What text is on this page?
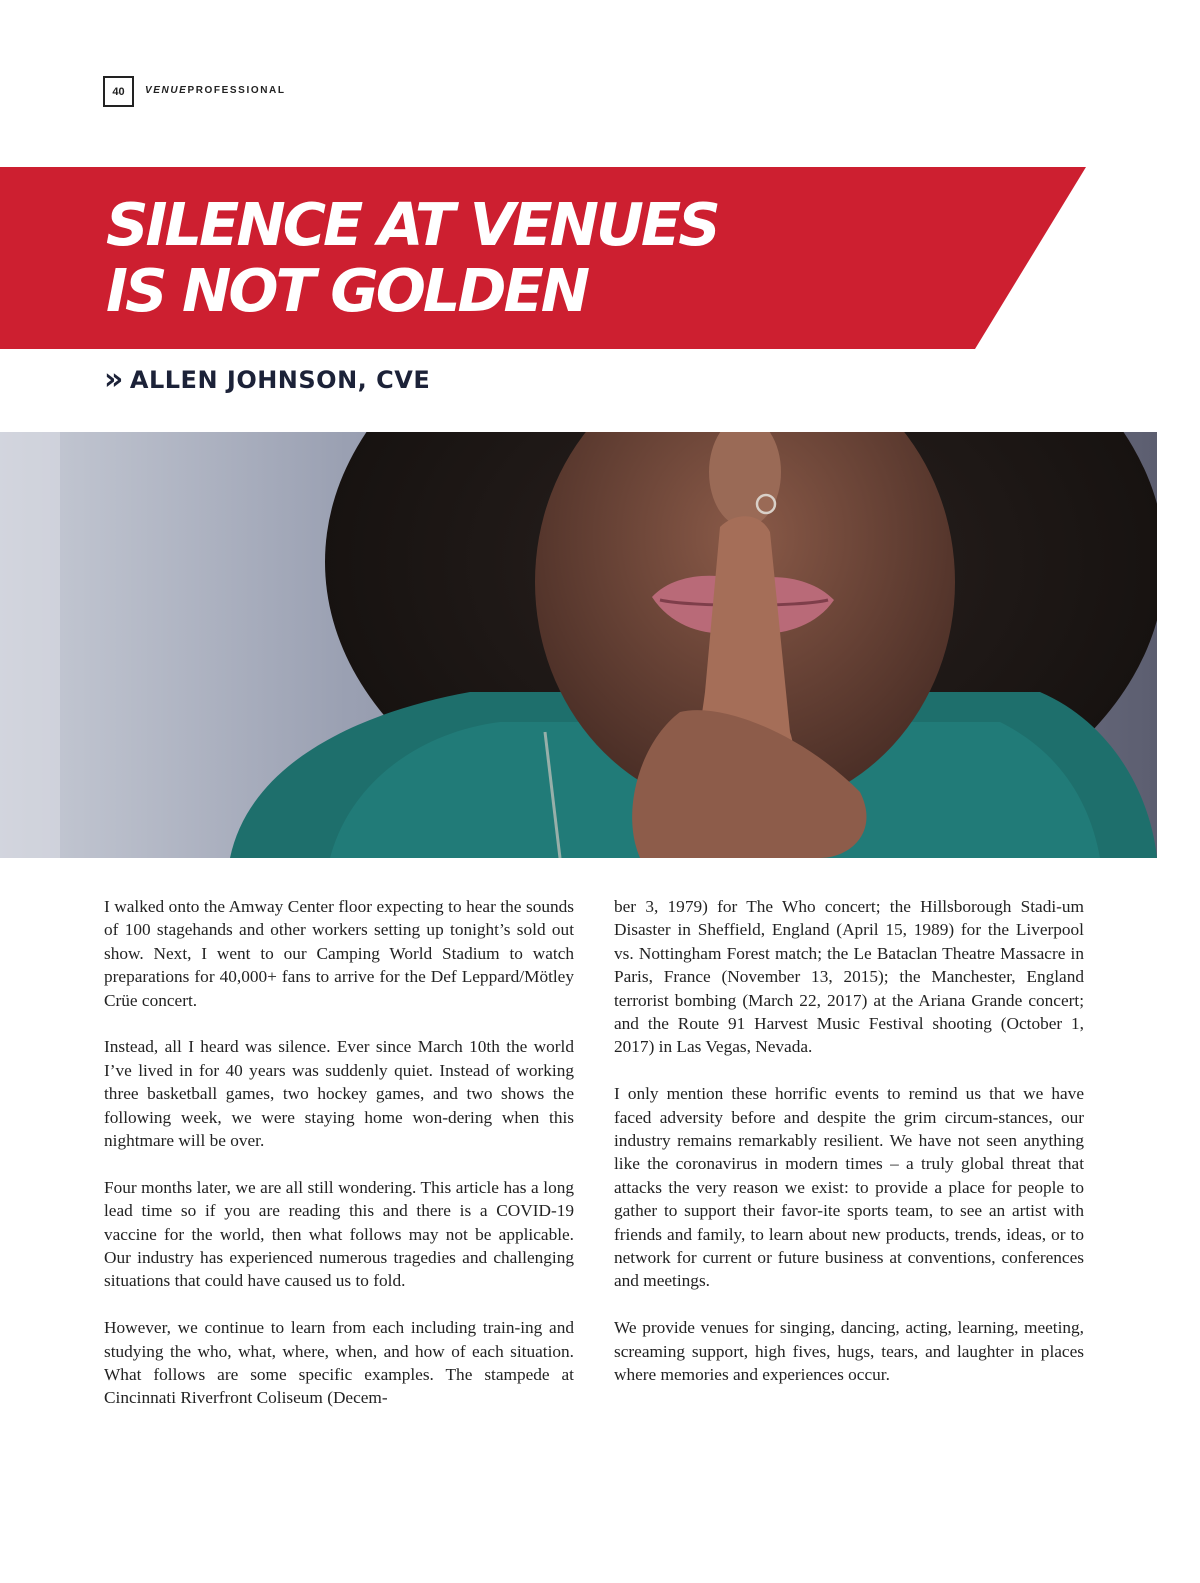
40	VENUEPROFESSIONAL
SILENCE AT VENUES
IS NOT GOLDEN
» ALLEN JOHNSON, CVE

I walked onto the Amway Center floor expecting to hear the sounds of 100 stagehands and other workers setting up tonight’s sold out show. Next, I went to our Camping World Stadium to watch preparations for 40,000+ fans to arrive for the Def Leppard/Mötley Crüe concert.

Instead, all I heard was silence. Ever since March 10th the world I’ve lived in for 40 years was suddenly quiet. Instead of working three basketball games, two hockey games, and two shows the following week, we were staying home won-dering when this nightmare will be over.

Four months later, we are all still wondering. This article has a long lead time so if you are reading this and there is a COVID-19 vaccine for the world, then what follows may not be applicable. Our industry has experienced numerous tragedies and challenging situations that could have caused us to fold.

However, we continue to learn from each including train-ing and studying the who, what, where, when, and how of each situation. What follows are some specific examples. The stampede at Cincinnati Riverfront Coliseum (Decem-

ber 3, 1979) for The Who concert; the Hillsborough Stadi-um Disaster in Sheffield, England (April 15, 1989) for the Liverpool vs. Nottingham Forest match; the Le Bataclan Theatre Massacre in Paris, France (November 13, 2015); the Manchester, England terrorist bombing (March 22, 2017) at the Ariana Grande concert; and the Route 91 Harvest Music Festival shooting (October 1, 2017) in Las Vegas, Nevada.

I only mention these horrific events to remind us that we have faced adversity before and despite the grim circum-stances, our industry remains remarkably resilient. We have not seen anything like the coronavirus in modern times – a truly global threat that attacks the very reason we exist: to provide a place for people to gather to support their favor-ite sports team, to see an artist with friends and family, to learn about new products, trends, ideas, or to network for current or future business at conventions, conferences and meetings.

We provide venues for singing, dancing, acting, learning, meeting, screaming support, high fives, hugs, tears, and laughter in places where memories and experiences occur.
